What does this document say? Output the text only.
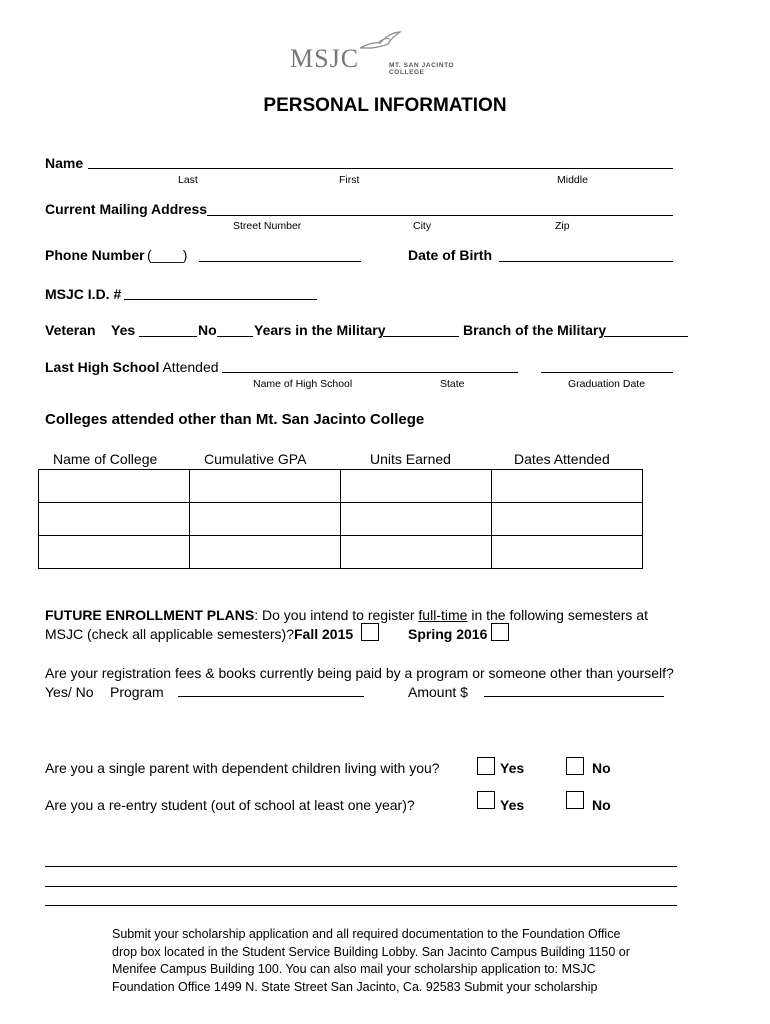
MSJC	MT. SAN JACINTO COLLEGE
PERSONAL INFORMATION
Name
Last	First	Middle
Current Mailing Address
Street Number	City	Zip
Phone Number (____)	Date of Birth
MSJC I.D. #
Veteran Yes	No	Years in the Military	Branch of the Military
Last High School Attended
Name of High School	State	Graduation Date
Colleges attended other than Mt. San Jacinto College
Name of College	Cumulative GPA	Units Earned	Dates Attended

FUTURE ENROLLMENT PLANS: Do you intend to register full-time in the following semesters at
MSJC (check all applicable semesters)? Fall 2015	Spring 2016
Are your registration fees & books currently being paid by a program or someone other than yourself?
Yes/ No Program	Amount $
Are you a single parent with dependent children living with you?	Yes	No
Are you a re-entry student (out of school at least one year)?	Yes	No
Submit your scholarship application and all required documentation to the Foundation Office
drop box located in the Student Service Building Lobby. San Jacinto Campus Building 1150 or
Menifee Campus Building 100. You can also mail your scholarship application to: MSJC
Foundation Office 1499 N. State Street San Jacinto, Ca. 92583 Submit your scholarship
